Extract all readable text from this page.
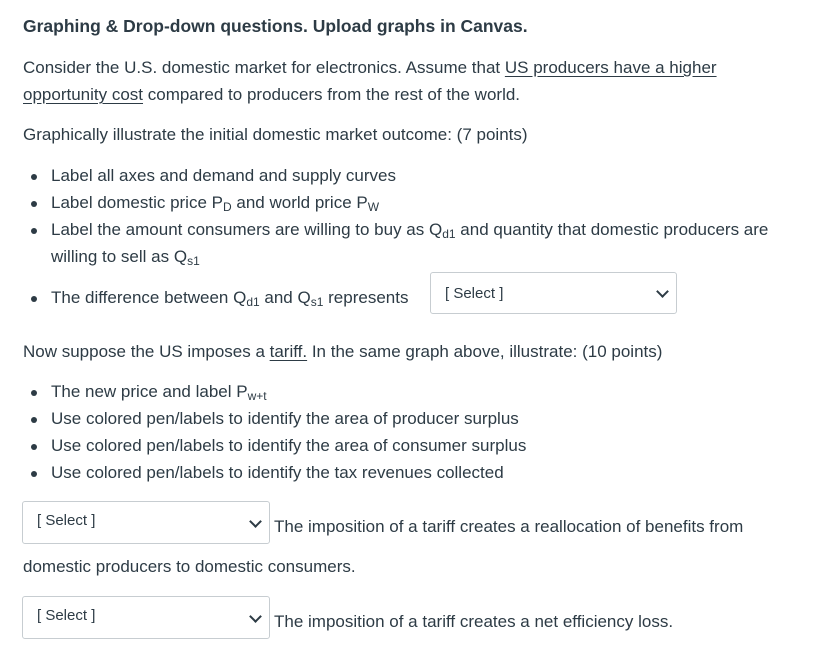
Graphing & Drop-down questions. Upload graphs in Canvas.
Consider the U.S. domestic market for electronics. Assume that US producers have a higher
opportunity cost compared to producers from the rest of the world.
Graphically illustrate the initial domestic market outcome: (7 points)
Label all axes and demand and supply curves
Label domestic price $P_D$ and world price $P_W$
Label the amount consumers are willing to buy as $Q_{d1}$ and quantity that domestic producers are
willing to sell as $Q_{s1}$
The difference between $Q_{d1}$ and $Q_{s1}$ represents	[ Select ]
Now suppose the US imposes a tariff. In the same graph above, illustrate: (10 points)
The new price and label $P_{w+t}$
Use colored pen/labels to identify the area of producer surplus
Use colored pen/labels to identify the area of consumer surplus
Use colored pen/labels to identify the tax revenues collected
[ Select ]	The imposition of a tariff creates a reallocation of benefits from
domestic producers to domestic consumers.
[ Select ]	The imposition of a tariff creates a net efficiency loss.
